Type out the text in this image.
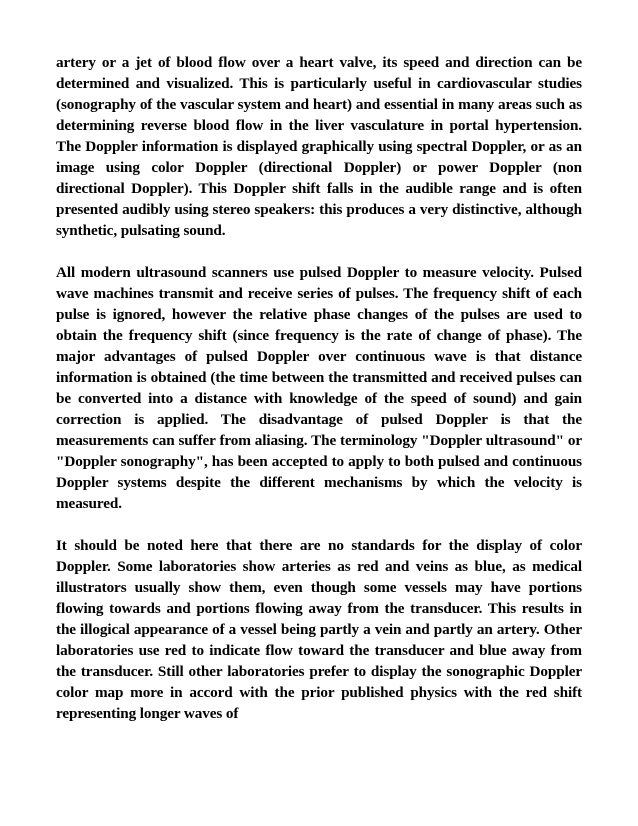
artery or a jet of blood flow over a heart valve, its speed and direction can be determined and visualized. This is particularly useful in cardiovascular studies (sonography of the vascular system and heart) and essential in many areas such as determining reverse blood flow in the liver vasculature in portal hypertension. The Doppler information is displayed graphically using spectral Doppler, or as an image using color Doppler (directional Doppler) or power Doppler (non directional Doppler). This Doppler shift falls in the audible range and is often presented audibly using stereo speakers: this produces a very distinctive, although synthetic, pulsating sound.

All modern ultrasound scanners use pulsed Doppler to measure velocity. Pulsed wave machines transmit and receive series of pulses. The frequency shift of each pulse is ignored, however the relative phase changes of the pulses are used to obtain the frequency shift (since frequency is the rate of change of phase). The major advantages of pulsed Doppler over continuous wave is that distance information is obtained (the time between the transmitted and received pulses can be converted into a distance with knowledge of the speed of sound) and gain correction is applied. The disadvantage of pulsed Doppler is that the measurements can suffer from aliasing. The terminology "Doppler ultrasound" or "Doppler sonography", has been accepted to apply to both pulsed and continuous Doppler systems despite the different mechanisms by which the velocity is measured.

It should be noted here that there are no standards for the display of color Doppler. Some laboratories show arteries as red and veins as blue, as medical illustrators usually show them, even though some vessels may have portions flowing towards and portions flowing away from the transducer. This results in the illogical appearance of a vessel being partly a vein and partly an artery. Other laboratories use red to indicate flow toward the transducer and blue away from the transducer. Still other laboratories prefer to display the sonographic Doppler color map more in accord with the prior published physics with the red shift representing longer waves of
